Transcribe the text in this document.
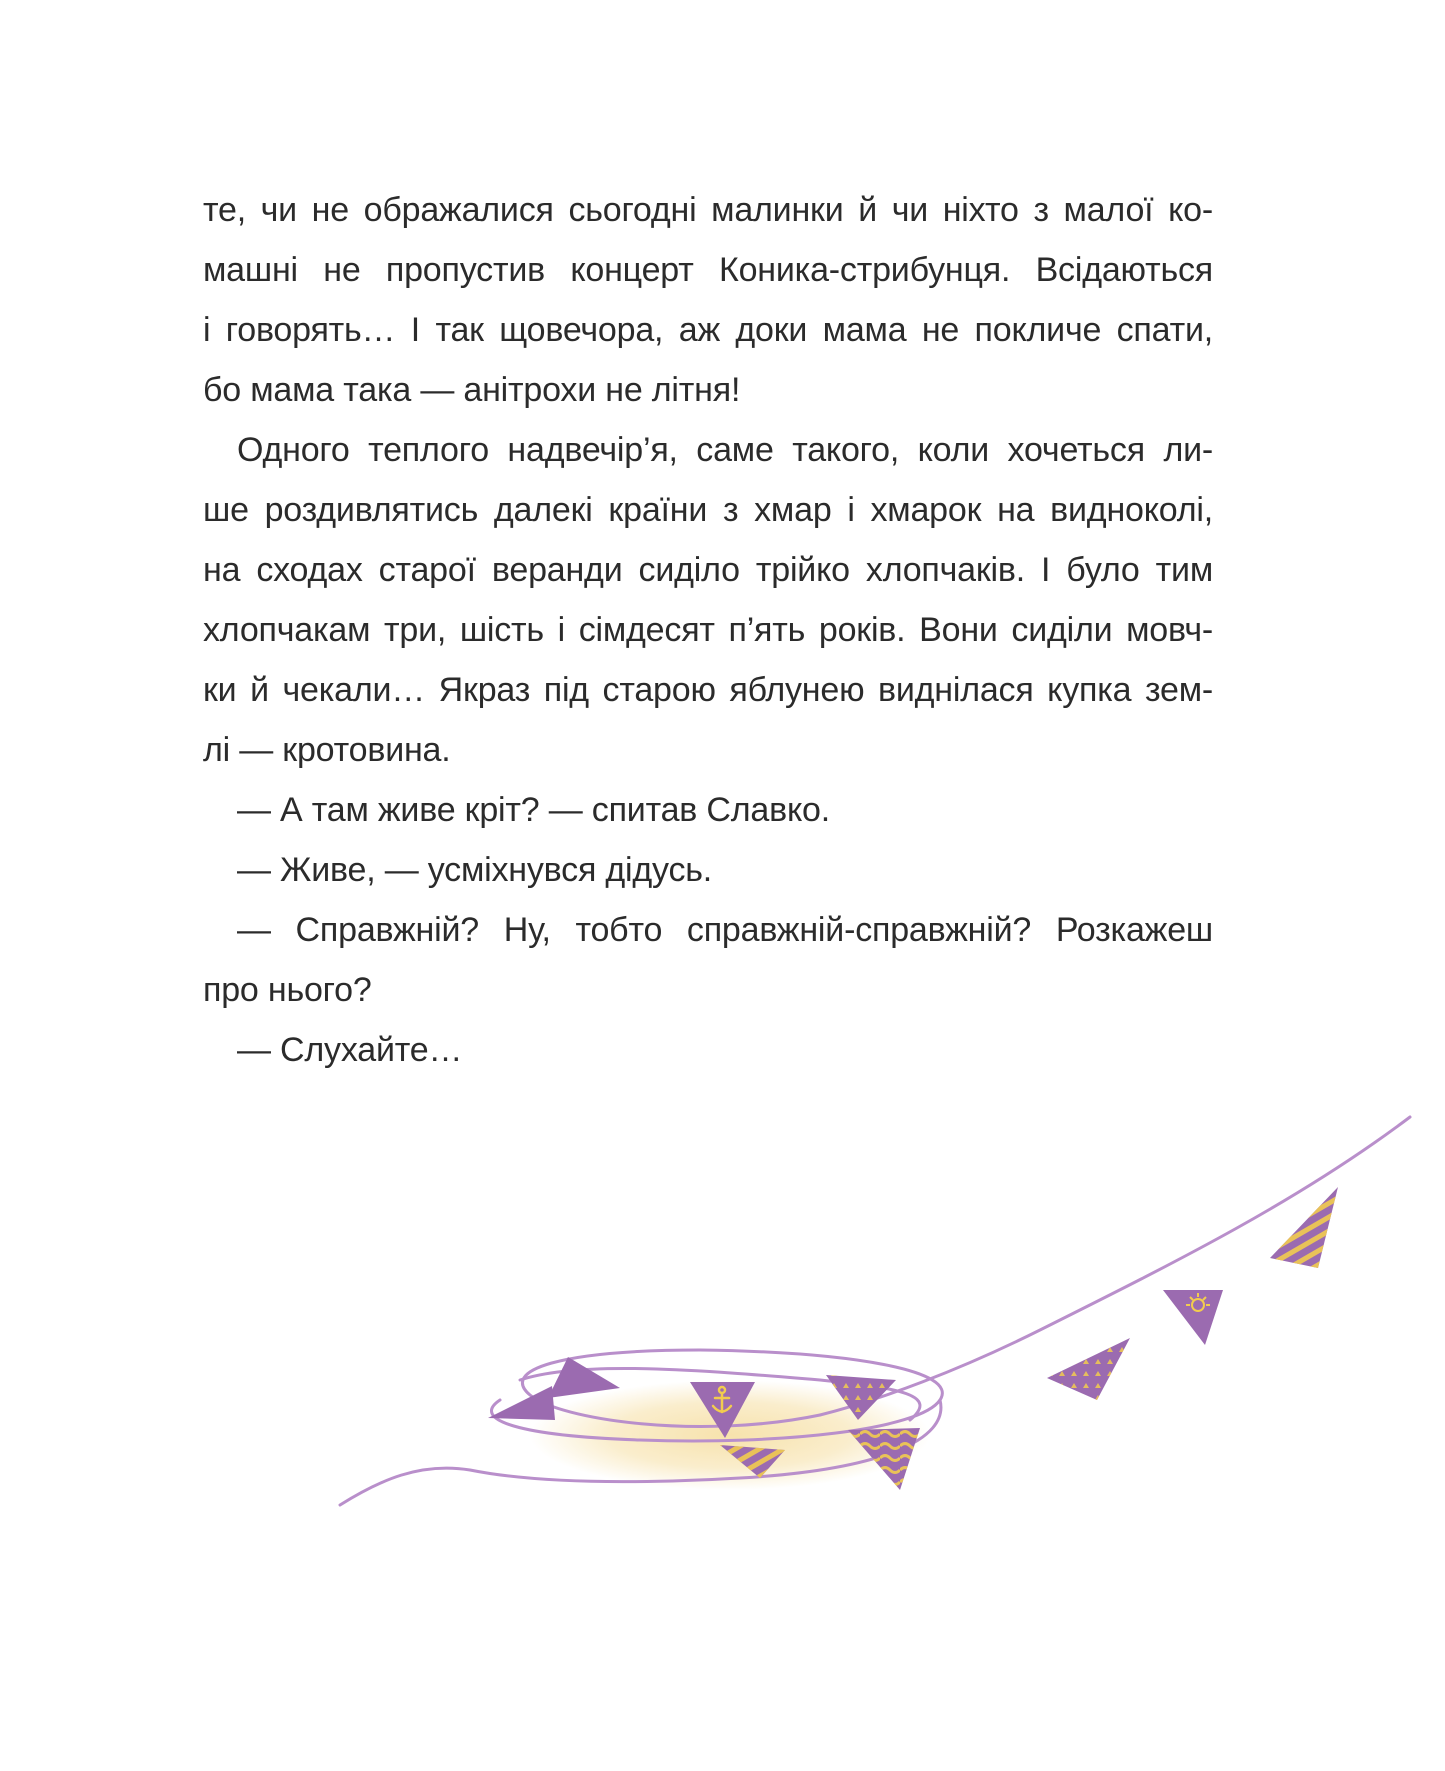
те, чи не ображалися сьогодні малинки й чи ніхто з малої ко-
машні не пропустив концерт Коника-стрибунця. Всідаються
і говорять… І так щовечора, аж доки мама не покличе спати,
бо мама така — анітрохи не літня!
Одного теплого надвечір’я, саме такого, коли хочеться ли-
ше роздивлятись далекі країни з хмар і хмарок на видноколі,
на сходах старої веранди сиділо трійко хлопчаків. І було тим
хлопчакам три, шість і сімдесят п’ять років. Вони сиділи мовч-
ки й чекали… Якраз під старою яблунею виднілася купка зем-
лі — кротовина.
— А там живе кріт? — спитав Славко.
— Живе, — усміхнувся дідусь.
— Справжній? Ну, тобто справжній-справжній? Розкажеш
про нього?
— Слухайте…
